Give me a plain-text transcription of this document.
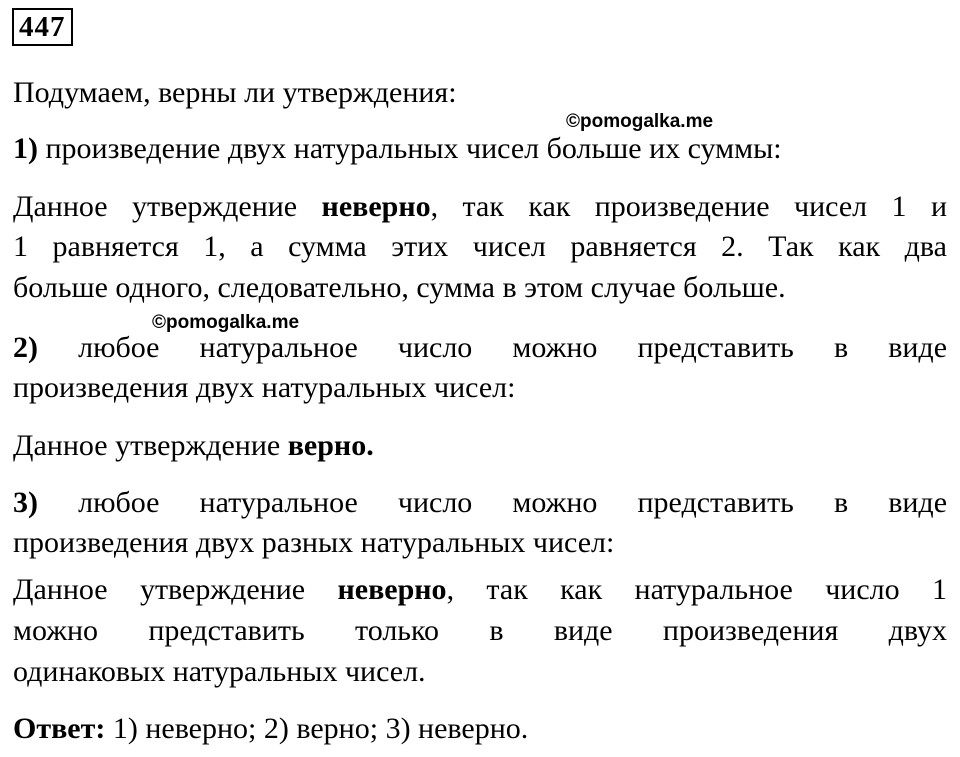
447
Подумаем, верны ли утверждения:
©pomogalka.me
1) произведение двух натуральных чисел больше их суммы:
Данное утверждение неверно, так как произведение чисел 1 и
1 равняется 1, а сумма этих чисел равняется 2. Так как два
больше одного, следовательно, сумма в этом случае больше.
©pomogalka.me
2) любое натуральное число можно представить в виде
произведения двух натуральных чисел:
Данное утверждение верно.
3) любое натуральное число можно представить в виде
произведения двух разных натуральных чисел:
Данное утверждение неверно, так как натуральное число 1
можно представить только в виде произведения двух
одинаковых натуральных чисел.
Ответ: 1) неверно; 2) верно; 3) неверно.
